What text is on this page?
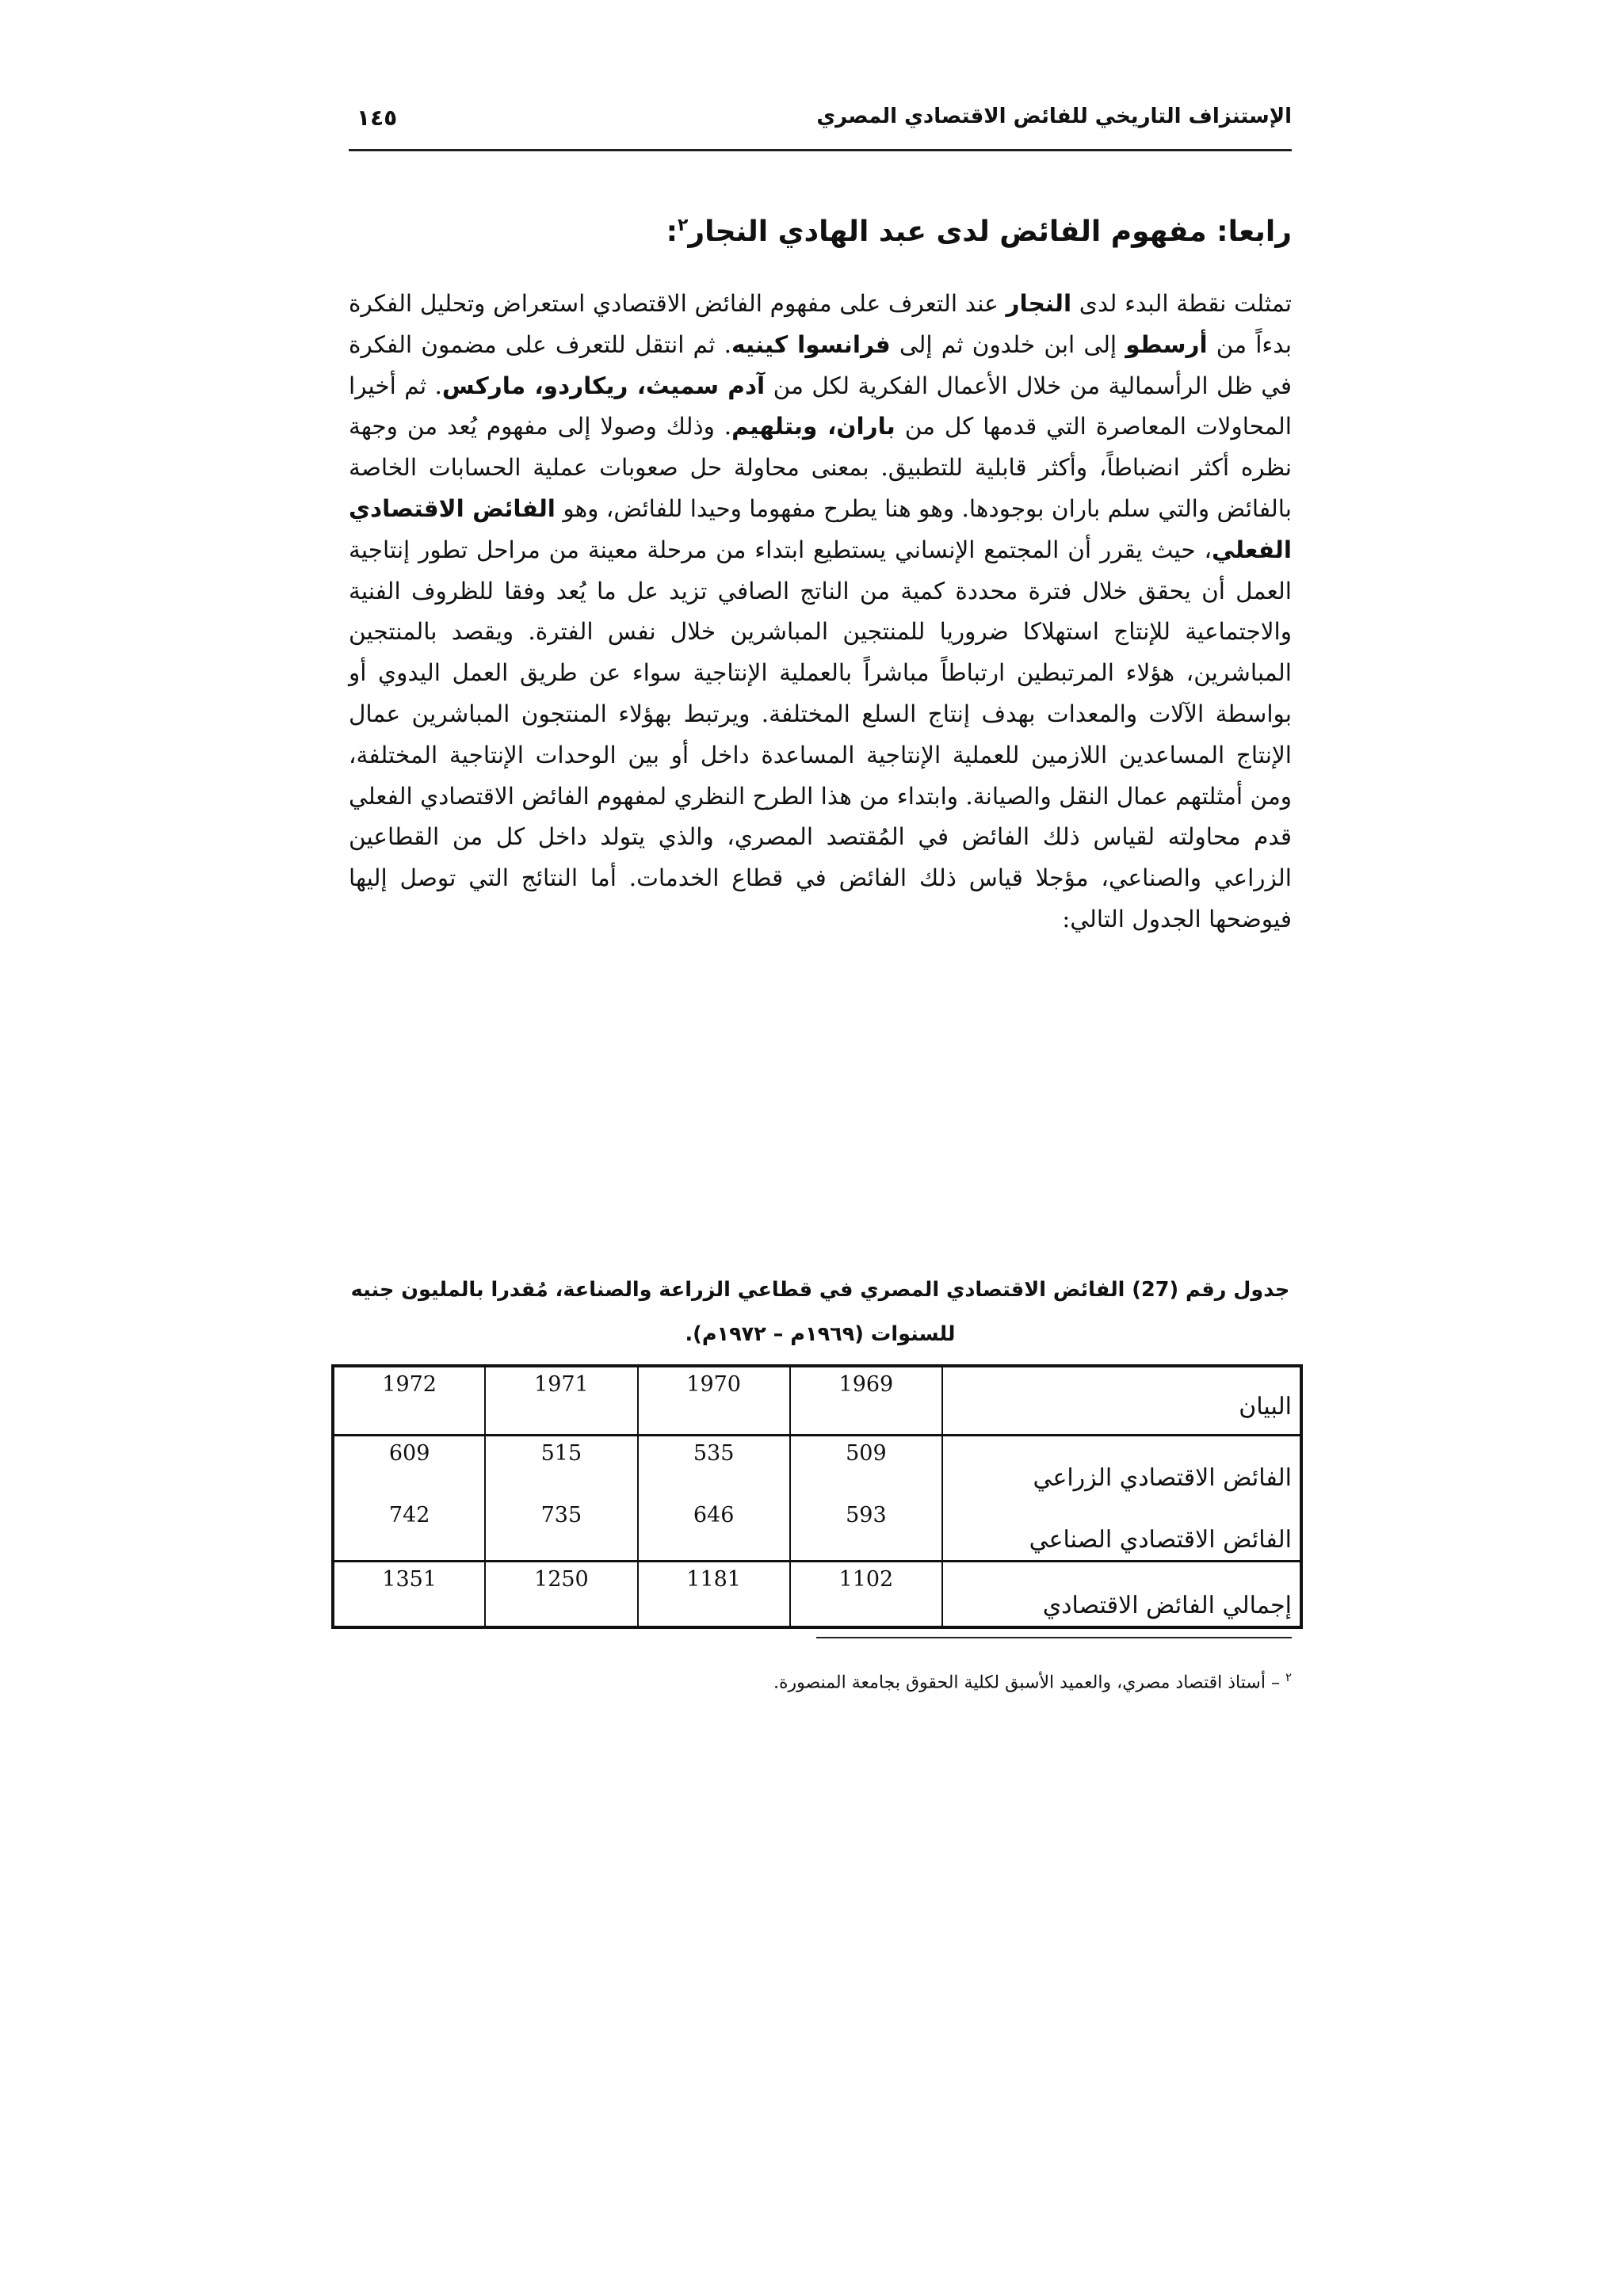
الإستنزاف التاريخي للفائض الاقتصادي المصري
١٤٥
رابعا: مفهوم الفائض لدى عبد الهادي النجار$^٢$:

تمثلت نقطة البدء لدى النجار عند التعرف على مفهوم الفائض الاقتصادي استعراض وتحليل الفكرة بدءاً من أرسطو إلى ابن خلدون ثم إلى فرانسوا كينيه. ثم انتقل للتعرف على مضمون الفكرة في ظل الرأسمالية من خلال الأعمال الفكرية لكل من آدم سميث، ريكاردو، ماركس. ثم أخيرا المحاولات المعاصرة التي قدمها كل من باران، وبتلهيم. وذلك وصولا إلى مفهوم يُعد من وجهة نظره أكثر انضباطاً، وأكثر قابلية للتطبيق. بمعنى محاولة حل صعوبات عملية الحسابات الخاصة بالفائض والتي سلم باران بوجودها. وهو هنا يطرح مفهوما وحيدا للفائض، وهو الفائض الاقتصادي الفعلي، حيث يقرر أن المجتمع الإنساني يستطيع ابتداء من مرحلة معينة من مراحل تطور إنتاجية العمل أن يحقق خلال فترة محددة كمية من الناتج الصافي تزيد عل ما يُعد وفقا للظروف الفنية والاجتماعية للإنتاج استهلاكا ضروريا للمنتجين المباشرين خلال نفس الفترة. ويقصد بالمنتجين المباشرين، هؤلاء المرتبطين ارتباطاً مباشراً بالعملية الإنتاجية سواء عن طريق العمل اليدوي أو بواسطة الآلات والمعدات بهدف إنتاج السلع المختلفة. ويرتبط بهؤلاء المنتجون المباشرين عمال الإنتاج المساعدين اللازمين للعملية الإنتاجية المساعدة داخل أو بين الوحدات الإنتاجية المختلفة، ومن أمثلتهم عمال النقل والصيانة. وابتداء من هذا الطرح النظري لمفهوم الفائض الاقتصادي الفعلي قدم محاولته لقياس ذلك الفائض في المُقتصد المصري، والذي يتولد داخل كل من القطاعين الزراعي والصناعي، مؤجلا قياس ذلك الفائض في قطاع الخدمات. أما النتائج التي توصل إليها فيوضحها الجدول التالي:

جدول رقم (27) الفائض الاقتصادي المصري في قطاعي الزراعة والصناعة، مُقدرا بالمليون جنيه
للسنوات (١٩٦٩م – ١٩٧٢م).
البيان	1969	1970	1971	1972
الفائض الاقتصادي الزراعي	509	535	515	609
الفائض الاقتصادي الصناعي	593	646	735	742
إجمالي الفائض الاقتصادي	1102	1181	1250	1351
$^٢$ – أستاذ اقتصاد مصري، والعميد الأسبق لكلية الحقوق بجامعة المنصورة.
